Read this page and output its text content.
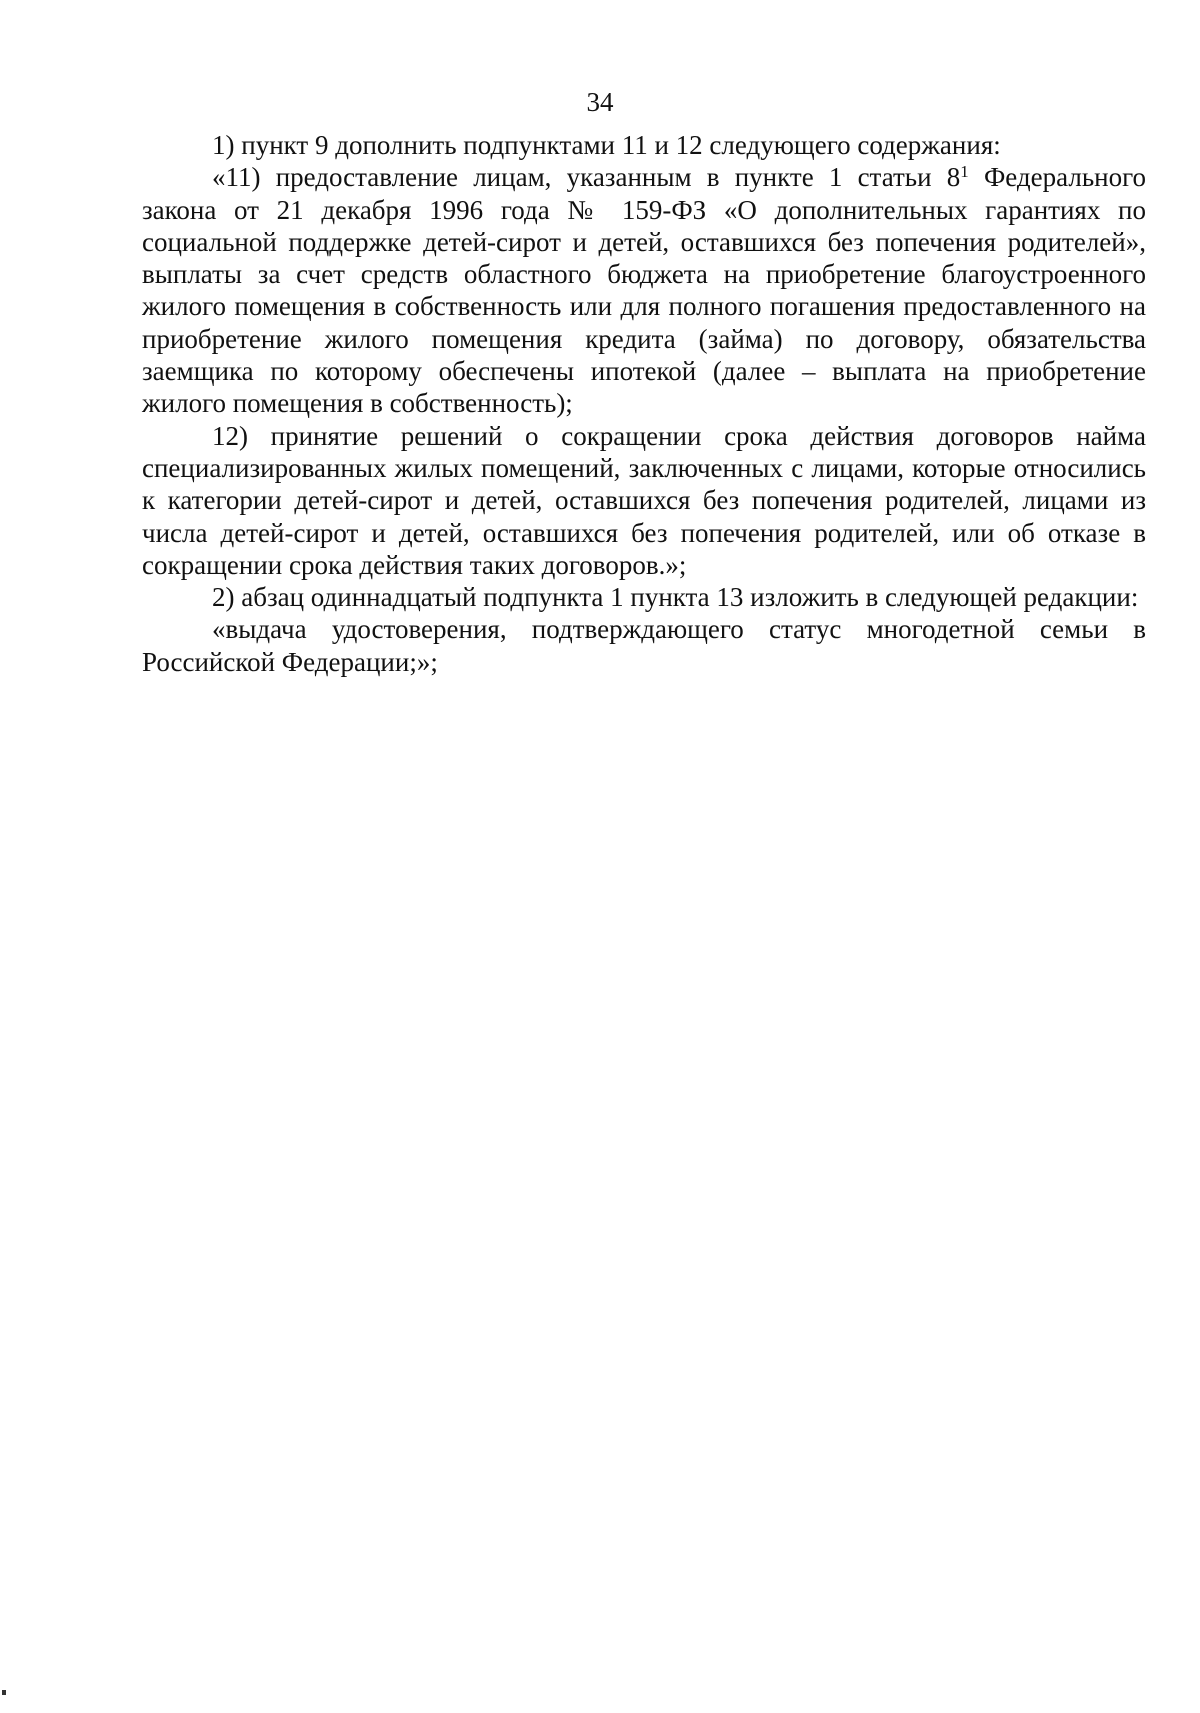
34

1) пункт 9 дополнить подпунктами 11 и 12 следующего содержания:

«11) предоставление лицам, указанным в пункте 1 статьи $8^1$ Федерального закона от 21 декабря 1996 года № 159-ФЗ «О дополнительных гарантиях по социальной поддержке детей-сирот и детей, оставшихся без попечения родителей», выплаты за счет средств областного бюджета на приобретение благоустроенного жилого помещения в собственность или для полного погашения предоставленного на приобретение жилого помещения кредита (займа) по договору, обязательства заемщика по которому обеспечены ипотекой (далее – выплата на приобретение жилого помещения в собственность);

12) принятие решений о сокращении срока действия договоров найма специализированных жилых помещений, заключенных с лицами, которые относились к категории детей-сирот и детей, оставшихся без попечения родителей, лицами из числа детей-сирот и детей, оставшихся без попечения родителей, или об отказе в сокращении срока действия таких договоров.»;

2) абзац одиннадцатый подпункта 1 пункта 13 изложить в следующей редакции:

«выдача удостоверения, подтверждающего статус многодетной семьи в Российской Федерации;»;
